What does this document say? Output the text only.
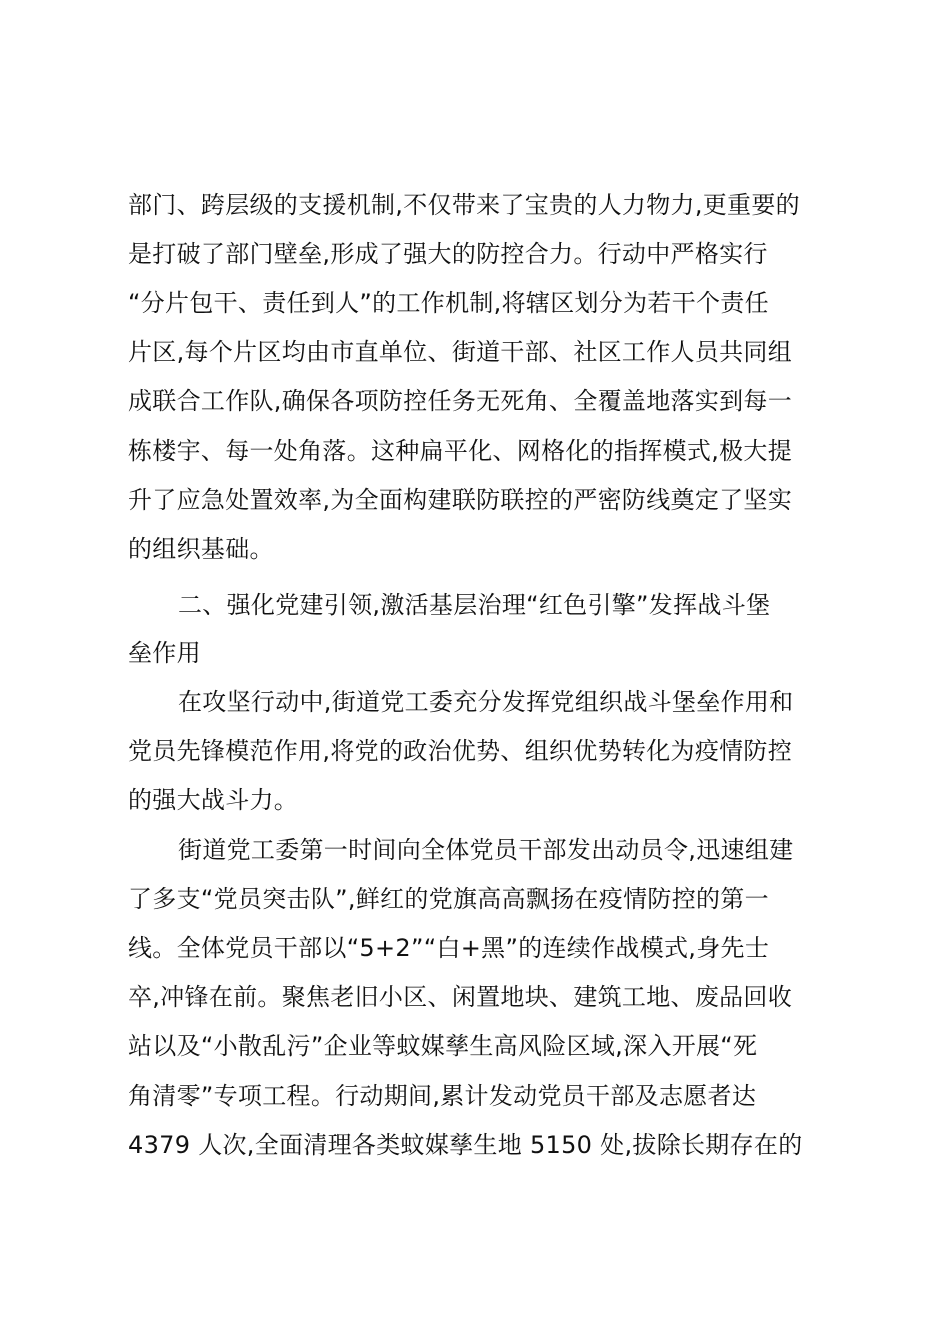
部门、跨层级的支援机制,不仅带来了宝贵的人力物力,更重要的
是打破了部门壁垒,形成了强大的防控合力。行动中严格实行
“分片包干、责任到人”的工作机制,将辖区划分为若干个责任
片区,每个片区均由市直单位、街道干部、社区工作人员共同组
成联合工作队,确保各项防控任务无死角、全覆盖地落实到每一
栋楼宇、每一处角落。这种扁平化、网格化的指挥模式,极大提
升了应急处置效率,为全面构建联防联控的严密防线奠定了坚实
的组织基础。
二、强化党建引领,激活基层治理“红色引擎”发挥战斗堡
垒作用
在攻坚行动中,街道党工委充分发挥党组织战斗堡垒作用和
党员先锋模范作用,将党的政治优势、组织优势转化为疫情防控
的强大战斗力。
街道党工委第一时间向全体党员干部发出动员令,迅速组建
了多支“党员突击队”,鲜红的党旗高高飘扬在疫情防控的第一
线。全体党员干部以“5+2”“白+黑”的连续作战模式,身先士
卒,冲锋在前。聚焦老旧小区、闲置地块、建筑工地、废品回收
站以及“小散乱污”企业等蚊媒孳生高风险区域,深入开展“死
角清零”专项工程。行动期间,累计发动党员干部及志愿者达
4379 人次,全面清理各类蚊媒孳生地 5150 处,拔除长期存在的
